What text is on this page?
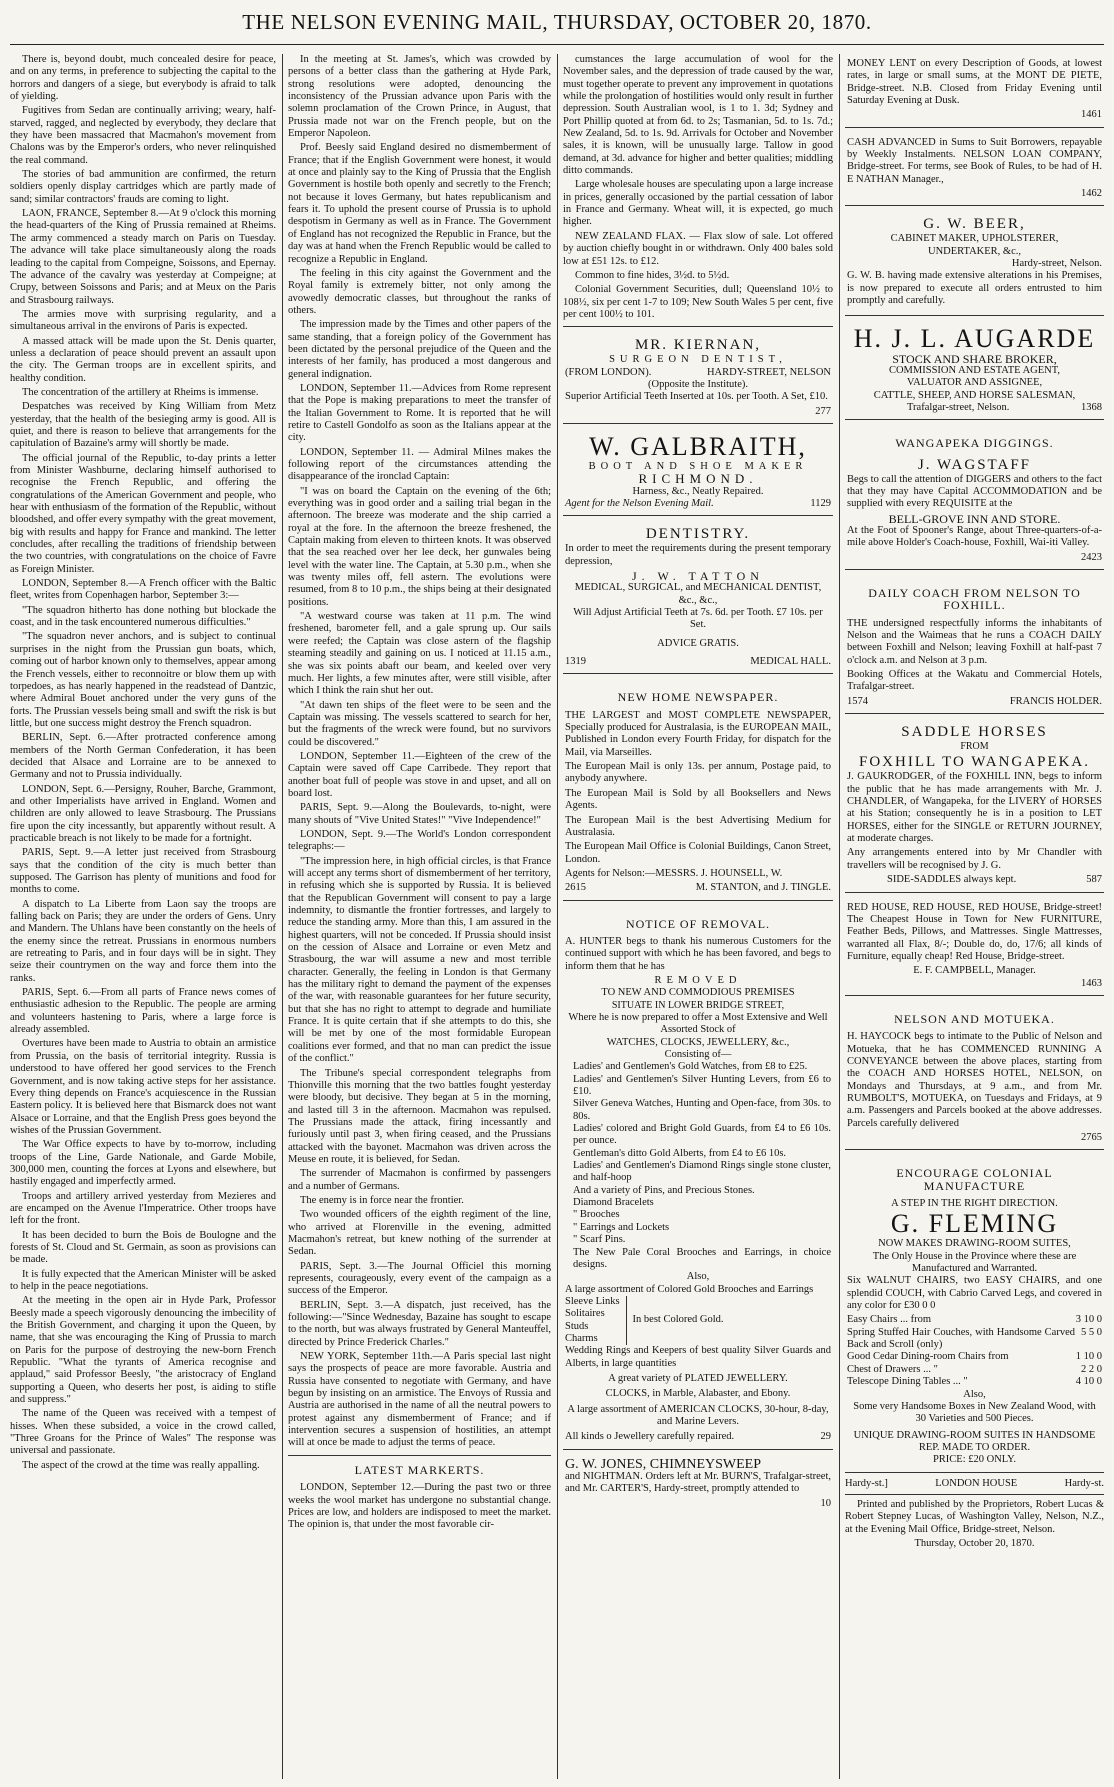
THE NELSON EVENING MAIL, THURSDAY, OCTOBER 20, 1870.

There is, beyond doubt, much concealed desire for peace, and on any terms, in preference to subjecting the capital to the horrors and dangers of a siege, but everybody is afraid to talk of yielding.

Fugitives from Sedan are continually arriving; weary, half-starved, ragged, and neglected by everybody, they declare that they have been massacred that Macmahon's movement from Chalons was by the Emperor's orders, who never relinquished the real command.

The stories of bad ammunition are confirmed, the return soldiers openly display cartridges which are partly made of sand; similar contractors' frauds are coming to light.

LAON, FRANCE, September 8.—At 9 o'clock this morning the head-quarters of the King of Prussia remained at Rheims. The army commenced a steady march on Paris on Tuesday. The advance will take place simultaneously along the roads leading to the capital from Compeigne, Soissons, and Epernay. The advance of the cavalry was yesterday at Compeigne; at Crupy, between Soissons and Paris; and at Meux on the Paris and Strasbourg railways.

The armies move with surprising regularity, and a simultaneous arrival in the environs of Paris is expected.

A massed attack will be made upon the St. Denis quarter, unless a declaration of peace should prevent an assault upon the city. The German troops are in excellent spirits, and healthy condition.

The concentration of the artillery at Rheims is immense.

Despatches was received by King William from Metz yesterday, that the health of the besieging army is good. All is quiet, and there is reason to believe that arrangements for the capitulation of Bazaine's army will shortly be made.

The official journal of the Republic, to-day prints a letter from Minister Washburne, declaring himself authorised to recognise the French Republic, and offering the congratulations of the American Government and people, who hear with enthusiasm of the formation of the Republic, without bloodshed, and offer every sympathy with the great movement, big with results and happy for France and mankind. The letter concludes, after recalling the traditions of friendship between the two countries, with congratulations on the choice of Favre as Foreign Minister.

LONDON, September 8.—A French officer with the Baltic fleet, writes from Copenhagen harbor, September 3:—

"The squadron hitherto has done nothing but blockade the coast, and in the task encountered numerous difficulties."

"The squadron never anchors, and is subject to continual surprises in the night from the Prussian gun boats, which, coming out of harbor known only to themselves, appear among the French vessels, either to reconnoitre or blow them up with torpedoes, as has nearly happened in the readstead of Dantzic, where Admiral Bouet anchored under the very guns of the forts. The Prussian vessels being small and swift the risk is but little, but one success might destroy the French squadron.

BERLIN, Sept. 6.—After protracted conference among members of the North German Confederation, it has been decided that Alsace and Lorraine are to be annexed to Germany and not to Prussia individually.

LONDON, Sept. 6.—Persigny, Rouher, Barche, Grammont, and other Imperialists have arrived in England. Women and children are only allowed to leave Strasbourg. The Prussians fire upon the city incessantly, but apparently without result. A practicable breach is not likely to be made for a fortnight.

PARIS, Sept. 9.—A letter just received from Strasbourg says that the condition of the city is much better than supposed. The Garrison has plenty of munitions and food for months to come.

A dispatch to La Liberte from Laon say the troops are falling back on Paris; they are under the orders of Gens. Unry and Mandern. The Uhlans have been constantly on the heels of the enemy since the retreat. Prussians in enormous numbers are retreating to Paris, and in four days will be in sight. They seize their countrymen on the way and force them into the ranks.

PARIS, Sept. 6.—From all parts of France news comes of enthusiastic adhesion to the Republic. The people are arming and volunteers hastening to Paris, where a large force is already assembled.

Overtures have been made to Austria to obtain an armistice from Prussia, on the basis of territorial integrity. Russia is understood to have offered her good services to the French Government, and is now taking active steps for her assistance. Every thing depends on France's acquiescence in the Russian Eastern policy. It is believed here that Bismarck does not want Alsace or Lorraine, and that the English Press goes beyond the wishes of the Prussian Government.

The War Office expects to have by to-morrow, including troops of the Line, Garde Nationale, and Garde Mobile, 300,000 men, counting the forces at Lyons and elsewhere, but hastily engaged and imperfectly armed.

Troops and artillery arrived yesterday from Mezieres and are encamped on the Avenue l'Imperatrice. Other troops have left for the front.

It has been decided to burn the Bois de Boulogne and the forests of St. Cloud and St. Germain, as soon as provisions can be made.

It is fully expected that the American Minister will be asked to help in the peace negotiations.

At the meeting in the open air in Hyde Park, Professor Beesly made a speech vigorously denouncing the imbecility of the British Government, and charging it upon the Queen, by name, that she was encouraging the King of Prussia to march on Paris for the purpose of destroying the new-born French Republic. "What the tyrants of America recognise and applaud," said Professor Beesly, "the aristocracy of England supporting a Queen, who deserts her post, is aiding to stifle and suppress."

The name of the Queen was received with a tempest of hisses. When these subsided, a voice in the crowd called, "Three Groans for the Prince of Wales" The response was universal and passionate.

The aspect of the crowd at the time was really appalling.

In the meeting at St. James's, which was crowded by persons of a better class than the gathering at Hyde Park, strong resolutions were adopted, denouncing the inconsistency of the Prussian advance upon Paris with the solemn proclamation of the Crown Prince, in August, that Prussia made not war on the French people, but on the Emperor Napoleon.

Prof. Beesly said England desired no dismemberment of France; that if the English Government were honest, it would at once and plainly say to the King of Prussia that the English Government is hostile both openly and secretly to the French; not because it loves Germany, but hates republicanism and fears it. To uphold the present course of Prussia is to uphold despotism in Germany as well as in France. The Government of England has not recognized the Republic in France, but the day was at hand when the French Republic would be called to recognize a Republic in England.

The feeling in this city against the Government and the Royal family is extremely bitter, not only among the avowedly democratic classes, but throughout the ranks of others.

The impression made by the Times and other papers of the same standing, that a foreign policy of the Government has been dictated by the personal prejudice of the Queen and the interests of her family, has produced a most dangerous and general indignation.

LONDON, September 11.—Advices from Rome represent that the Pope is making preparations to meet the transfer of the Italian Government to Rome. It is reported that he will retire to Castell Gondolfo as soon as the Italians appear at the city.

LONDON, September 11. — Admiral Milnes makes the following report of the circumstances attending the disappearance of the ironclad Captain:

"I was on board the Captain on the evening of the 6th; everything was in good order and a sailing trial began in the afternoon. The breeze was moderate and the ship carried a royal at the fore. In the afternoon the breeze freshened, the Captain making from eleven to thirteen knots. It was observed that the sea reached over her lee deck, her gunwales being level with the water line. The Captain, at 5.30 p.m., when she was twenty miles off, fell astern. The evolutions were resumed, from 8 to 10 p.m., the ships being at their designated positions.

"A westward course was taken at 11 p.m. The wind freshened, barometer fell, and a gale sprung up. Our sails were reefed; the Captain was close astern of the flagship steaming steadily and gaining on us. I noticed at 11.15 a.m., she was six points abaft our beam, and keeled over very much. Her lights, a few minutes after, were still visible, after which I think the rain shut her out.

"At dawn ten ships of the fleet were to be seen and the Captain was missing. The vessels scattered to search for her, but the fragments of the wreck were found, but no survivors could be discovered."

LONDON, September 11.—Eighteen of the crew of the Captain were saved off Cape Carribede. They report that another boat full of people was stove in and upset, and all on board lost.

PARIS, Sept. 9.—Along the Boulevards, to-night, were many shouts of "Vive United States!" "Vive Independence!"

LONDON, Sept. 9.—The World's London correspondent telegraphs:—

"The impression here, in high official circles, is that France will accept any terms short of dismemberment of her territory, in refusing which she is supported by Russia. It is believed that the Republican Government will consent to pay a large indemnity, to dismantle the frontier fortresses, and largely to reduce the standing army. More than this, I am assured in the highest quarters, will not be conceded. If Prussia should insist on the cession of Alsace and Lorraine or even Metz and Strasbourg, the war will assume a new and most terrible character. Generally, the feeling in London is that Germany has the military right to demand the payment of the expenses of the war, with reasonable guarantees for her future security, but that she has no right to attempt to degrade and humiliate France. It is quite certain that if she attempts to do this, she will be met by one of the most formidable European coalitions ever formed, and that no man can predict the issue of the conflict."

The Tribune's special correspondent telegraphs from Thionville this morning that the two battles fought yesterday were bloody, but decisive. They began at 5 in the morning, and lasted till 3 in the afternoon. Macmahon was repulsed. The Prussians made the attack, firing incessantly and furiously until past 3, when firing ceased, and the Prussians attacked with the bayonet. Macmahon was driven across the Meuse en route, it is believed, for Sedan.

The surrender of Macmahon is confirmed by passengers and a number of Germans.

The enemy is in force near the frontier.

Two wounded officers of the eighth regiment of the line, who arrived at Florenville in the evening, admitted Macmahon's retreat, but knew nothing of the surrender at Sedan.

PARIS, Sept. 3.—The Journal Officiel this morning represents, courageously, every event of the campaign as a success of the Emperor.

BERLIN, Sept. 3.—A dispatch, just received, has the following:—"Since Wednesday, Bazaine has sought to escape to the north, but was always frustrated by General Manteuffel, directed by Prince Frederick Charles."

NEW YORK, September 11th.—A Paris special last night says the prospects of peace are more favorable. Austria and Russia have consented to negotiate with Germany, and have begun by insisting on an armistice. The Envoys of Russia and Austria are authorised in the name of all the neutral powers to protest against any dismemberment of France; and if intervention secures a suspension of hostilities, an attempt will at once be made to adjust the terms of peace.

LATEST MARKERTS.

LONDON, September 12.—During the past two or three weeks the wool market has undergone no substantial change. Prices are low, and holders are indisposed to meet the market. The opinion is, that under the most favorable cir-

cumstances the large accumulation of wool for the November sales, and the depression of trade caused by the war, must together operate to prevent any improvement in quotations while the prolongation of hostilities would only result in further depression. South Australian wool, is 1 to 1. 3d; Sydney and Port Phillip quoted at from 6d. to 2s; Tasmanian, 5d. to 1s. 7d.; New Zealand, 5d. to 1s. 9d. Arrivals for October and November sales, it is known, will be unusually large. Tallow in good demand, at 3d. advance for higher and better qualities; middling ditto commands.

Large wholesale houses are speculating upon a large increase in prices, generally occasioned by the partial cessation of labor in France and Germany. Wheat will, it is expected, go much higher.

NEW ZEALAND FLAX. — Flax slow of sale. Lot offered by auction chiefly bought in or withdrawn. Only 400 bales sold low at £51 12s. to £12.

Common to fine hides, 3½d. to 5½d.

Colonial Government Securities, dull; Queensland 10½ to 108½, six per cent 1-7 to 109; New South Wales 5 per cent, five per cent 100½ to 101.

MR. KIERNAN,
SURGEON DENTIST,
(FROM LONDON).	HARDY-STREET, NELSON
(Opposite the Institute).

Superior Artificial Teeth Inserted at 10s. per Tooth. A Set, £10.

277
W. GALBRAITH,
BOOT AND SHOE MAKER
RICHMOND.
Harness, &c., Neatly Repaired.
Agent for the Nelson Evening Mail.	1129
DENTISTRY.

In order to meet the requirements during the present temporary depression,

J. W. TATTON
MEDICAL, SURGICAL, and MECHANICAL DENTIST, &c., &c.,
Will Adjust Artificial Teeth at 7s. 6d. per Tooth. £7 10s. per Set.
ADVICE GRATIS.
1319	MEDICAL HALL.
NEW HOME NEWSPAPER.

THE LARGEST and MOST COMPLETE NEWSPAPER, Specially produced for Australasia, is the EUROPEAN MAIL, Published in London every Fourth Friday, for dispatch for the Mail, via Marseilles.

The European Mail is only 13s. per annum, Postage paid, to anybody anywhere.

The European Mail is Sold by all Booksellers and News Agents.

The European Mail is the best Advertising Medium for Australasia.

The European Mail Office is Colonial Buildings, Canon Street, London.

Agents for Nelson:—MESSRS. J. HOUNSELL, W.

2615	M. STANTON, and J. TINGLE.
NOTICE OF REMOVAL.

A. HUNTER begs to thank his numerous Customers for the continued support with which he has been favored, and begs to inform them that he has

REMOVED
TO NEW AND COMMODIOUS PREMISES
SITUATE IN LOWER BRIDGE STREET,
Where he is now prepared to offer a Most Extensive and Well Assorted Stock of
WATCHES, CLOCKS, JEWELLERY, &c.,
Consisting of—
Ladies' and Gentlemen's Gold Watches, from £8 to £25.
Ladies' and Gentlemen's Silver Hunting Levers, from £6 to £10.
Silver Geneva Watches, Hunting and Open-face, from 30s. to 80s.
Ladies' colored and Bright Gold Guards, from £4 to £6 10s. per ounce.
Gentleman's ditto Gold Alberts, from £4 to £6 10s.
Ladies' and Gentlemen's Diamond Rings single stone cluster, and half-hoop
And a variety of Pins, and Precious Stones.
Diamond Bracelets
" Brooches
" Earrings and Lockets
" Scarf Pins.
The New Pale Coral Brooches and Earrings, in choice designs.
Also,
A large assortment of Colored Gold Brooches and Earrings
Sleeve Links
Solitaires
Studs
Charms
In best Colored Gold.
Wedding Rings and Keepers of best quality Silver Guards and Alberts, in large quantities
A great variety of PLATED JEWELLERY.
CLOCKS, in Marble, Alabaster, and Ebony.
A large assortment of AMERICAN CLOCKS, 30-hour, 8-day, and Marine Levers.
All kinds o Jewellery carefully repaired.	29
G. W. JONES, CHIMNEYSWEEP

and NIGHTMAN. Orders left at Mr. BURN'S, Trafalgar-street, and Mr. CARTER'S, Hardy-street, promptly attended to

10

MONEY LENT on every Description of Goods, at lowest rates, in large or small sums, at the MONT DE PIETE, Bridge-street. N.B. Closed from Friday Evening until Saturday Evening at Dusk.

1461

CASH ADVANCED in Sums to Suit Borrowers, repayable by Weekly Instalments. NELSON LOAN COMPANY, Bridge-street. For terms, see Book of Rules, to be had of H. E NATHAN Manager.,

1462
G. W. BEER,
CABINET MAKER, UPHOLSTERER,
UNDERTAKER, &c.,
Hardy-street, Nelson.

G. W. B. having made extensive alterations in his Premises, is now prepared to execute all orders entrusted to him promptly and carefully.

H. J. L. AUGARDE
STOCK AND SHARE BROKER,
COMMISSION AND ESTATE AGENT,
VALUATOR AND ASSIGNEE,
CATTLE, SHEEP, AND HORSE SALESMAN,
Trafalgar-street, Nelson.	1368
WANGAPEKA DIGGINGS.
J. WAGSTAFF

Begs to call the attention of DIGGERS and others to the fact that they may have Capital ACCOMMODATION and be supplied with every REQUISITE at the

BELL-GROVE INN AND STORE.

At the Foot of Spooner's Range, about Three-quarters-of-a-mile above Holder's Coach-house, Foxhill, Wai-iti Valley.

2423
DAILY COACH FROM NELSON TO FOXHILL.

THE undersigned respectfully informs the inhabitants of Nelson and the Waimeas that he runs a COACH DAILY between Foxhill and Nelson; leaving Foxhill at half-past 7 o'clock a.m. and Nelson at 3 p.m.

Booking Offices at the Wakatu and Commercial Hotels, Trafalgar-street.

1574	FRANCIS HOLDER.
SADDLE HORSES
FROM
FOXHILL TO WANGAPEKA.

J. GAUKRODGER, of the FOXHILL INN, begs to inform the public that he has made arrangements with Mr. J. CHANDLER, of Wangapeka, for the LIVERY of HORSES at his Station; consequently he is in a position to LET HORSES, either for the SINGLE or RETURN JOURNEY, at moderate charges.

Any arrangements entered into by Mr Chandler with travellers will be recognised by J. G.

SIDE-SADDLES always kept.	587

RED HOUSE, RED HOUSE, RED HOUSE, Bridge-street! The Cheapest House in Town for New FURNITURE, Feather Beds, Pillows, and Mattresses. Single Mattresses, warranted all Flax, 8/-; Double do, do, 17/6; all kinds of Furniture, equally cheap! Red House, Bridge-street.

E. F. CAMPBELL, Manager.
1463
NELSON AND MOTUEKA.

H. HAYCOCK begs to intimate to the Public of Nelson and Motueka, that he has COMMENCED RUNNING A CONVEYANCE between the above places, starting from the COACH AND HORSES HOTEL, NELSON, on Mondays and Thursdays, at 9 a.m., and from Mr. RUMBOLT'S, MOTUEKA, on Tuesdays and Fridays, at 9 a.m. Passengers and Parcels booked at the above addresses. Parcels carefully delivered

2765
ENCOURAGE COLONIAL MANUFACTURE
A STEP IN THE RIGHT DIRECTION.
G. FLEMING
NOW MAKES DRAWING-ROOM SUITES,
The Only House in the Province where these are Manufactured and Warranted.

Six WALNUT CHAIRS, two EASY CHAIRS, and one splendid COUCH, with Cabrio Carved Legs, and covered in any color for £30 0 0

Easy Chairs ... from	3 10 0
Spring Stuffed Hair Couches, with Handsome Carved Back and Scroll (only)
5 5 0
Good Cedar Dining-room Chairs from	1 10 0
Chest of Drawers ... "	2 2 0
Telescope Dining Tables ... "	4 10 0
Also,
Some very Handsome Boxes in New Zealand Wood, with 30 Varieties and 500 Pieces.
UNIQUE DRAWING-ROOM SUITES IN HANDSOME REP. MADE TO ORDER.
PRICE: £20 ONLY.
Hardy-st.]	LONDON HOUSE	Hardy-st.

Printed and published by the Proprietors, Robert Lucas & Robert Stepney Lucas, of Washington Valley, Nelson, N.Z., at the Evening Mail Office, Bridge-street, Nelson.

Thursday, October 20, 1870.
